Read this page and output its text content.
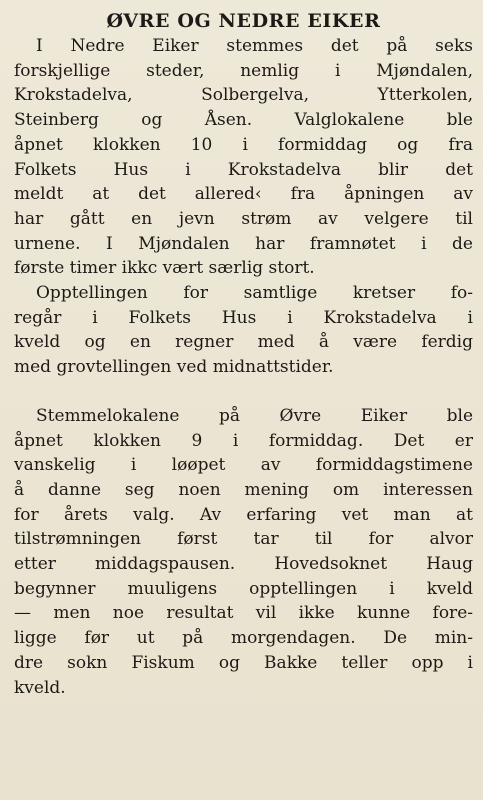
ØVRE OG NEDRE EIKER
I Nedre Eiker stemmes det på seks
forskjellige steder, nemlig i Mjøndalen,
Krokstadelva, Solbergelva, Ytterkolen,
Steinberg og Åsen. Valglokalene ble
åpnet klokken 10 i formiddag og fra
Folkets Hus i Krokstadelva blir det
meldt at det allered‹ fra åpningen av
har gått en jevn strøm av velgere til
urnene. I Mjøndalen har framnøtet i de
første timer ikkc vært særlig stort.
Opptellingen for samtlige kretser fo-
regår i Folkets Hus i Krokstadelva i
kveld og en regner med å være ferdig
med grovtellingen ved midnattstider.
Stemmelokalene på Øvre Eiker ble
åpnet klokken 9 i formiddag. Det er
vanskelig i løøpet av formiddagstimene
å danne seg noen mening om interessen
for årets valg. Av erfaring vet man at
tilstrømningen først tar til for alvor
etter middagspausen. Hovedsoknet Haug
begynner muuligens opptellingen i kveld
— men noe resultat vil ikke kunne fore-
ligge før ut på morgendagen. De min-
dre sokn Fiskum og Bakke teller opp i
kveld.
